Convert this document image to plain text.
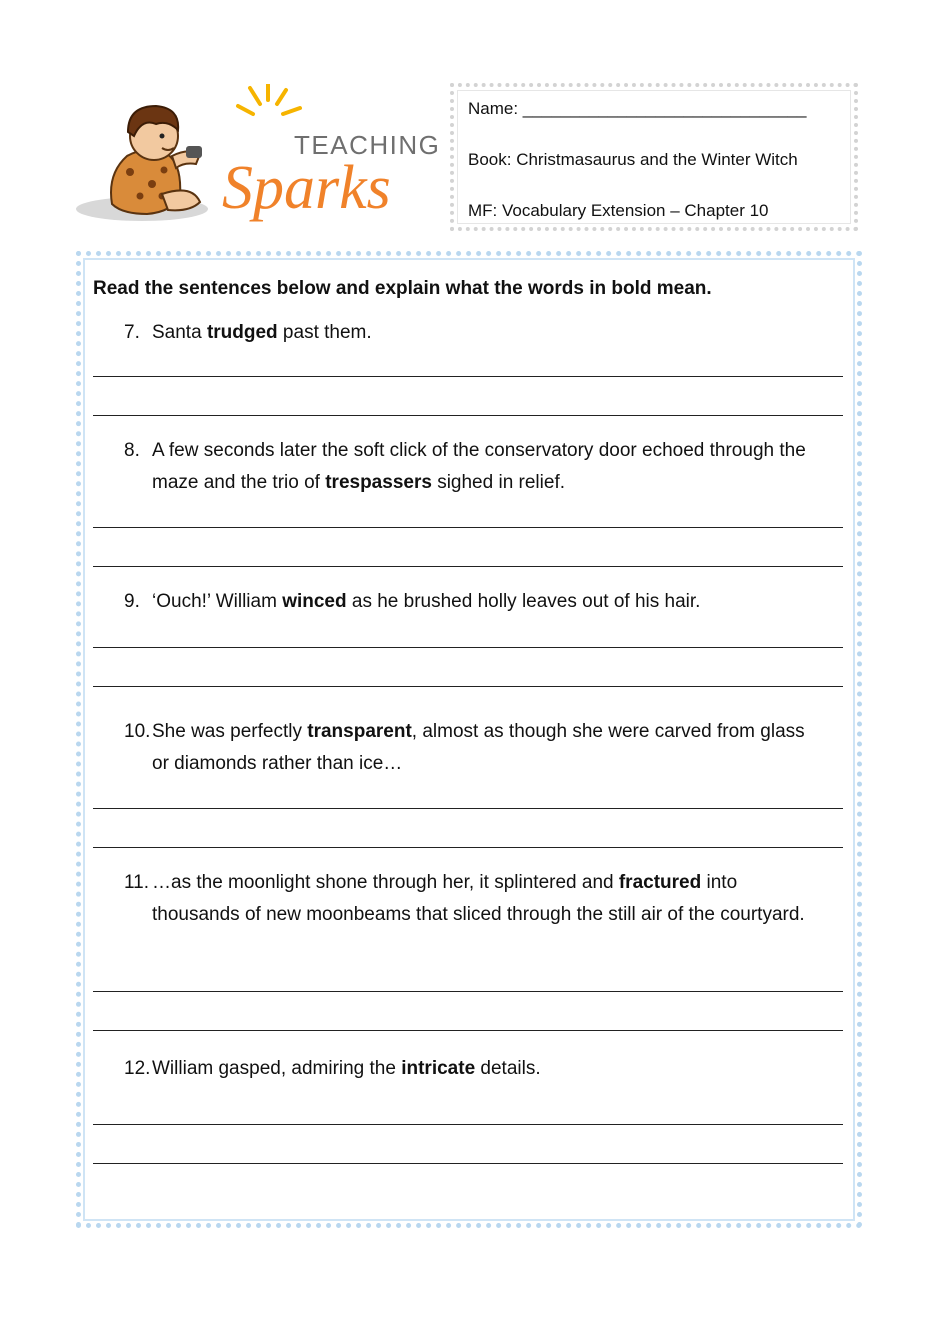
TEACHING
Sparks
Name: ______________________________
Book: Christmasaurus and the Winter Witch
MF: Vocabulary Extension – Chapter 10
Read the sentences below and explain what the words in bold mean.
7. Santa trudged past them.
8. A few seconds later the soft click of the conservatory door echoed through the maze and the trio of trespassers sighed in relief.
9. ‘Ouch!’ William winced as he brushed holly leaves out of his hair.
10. She was perfectly transparent, almost as though she were carved from glass or diamonds rather than ice…
11. …as the moonlight shone through her, it splintered and fractured into thousands of new moonbeams that sliced through the still air of the courtyard.
12. William gasped, admiring the intricate details.
